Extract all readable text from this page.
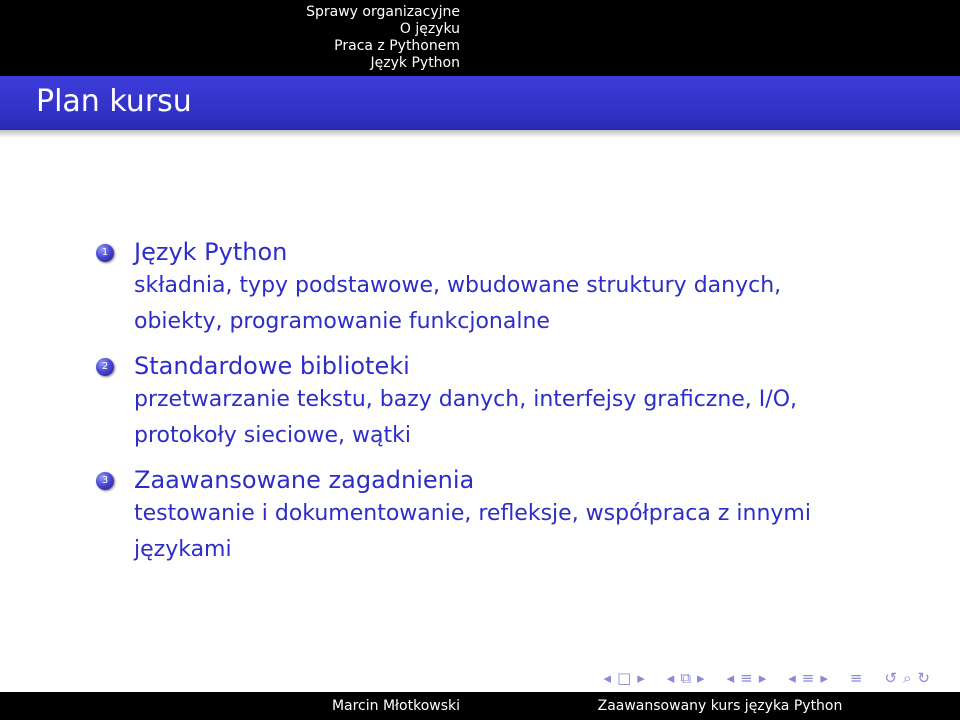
Sprawy organizacyjne
O języku
Praca z Pythonem
Język Python
Plan kursu
1 Język Python
składnia, typy podstawowe, wbudowane struktury danych,
obiekty, programowanie funkcjonalne
2 Standardowe biblioteki
przetwarzanie tekstu, bazy danych, interfejsy graficzne, I/O,
protokoły sieciowe, wątki
3 Zaawansowane zagadnienia
testowanie i dokumentowanie, refleksje, współpraca z innymi
językami
◂ □ ▸ ◂ ⧉ ▸ ◂ ≡ ▸ ◂ ≡ ▸ ≡ ↺ ⌕ ↻
Marcin Młotkowski	Zaawansowany kurs języka Python
